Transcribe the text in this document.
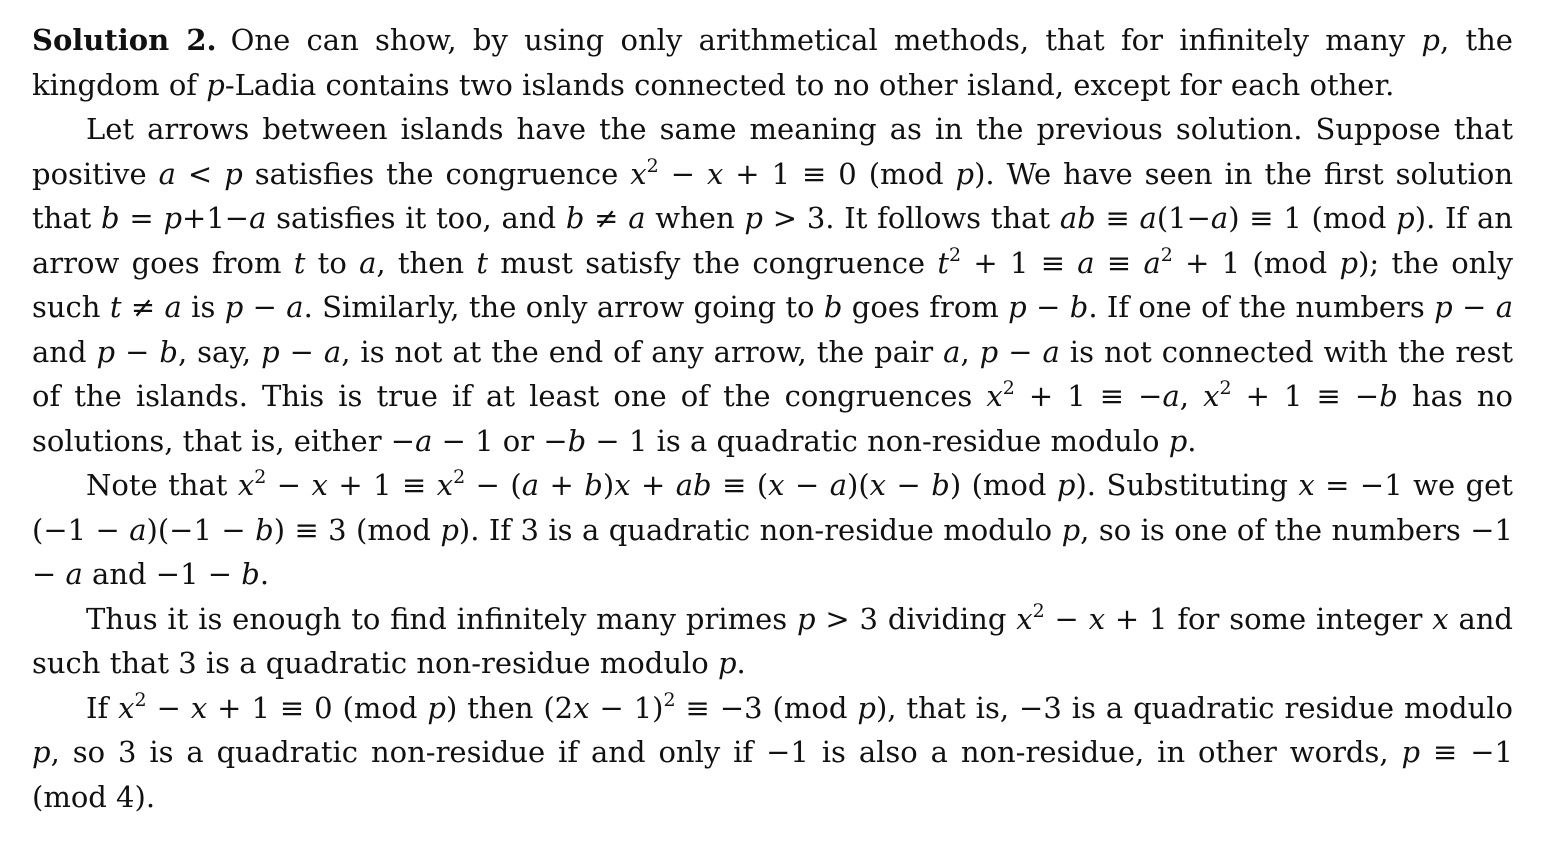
Solution 2. One can show, by using only arithmetical methods, that for infinitely many p, the kingdom of p-Ladia contains two islands connected to no other island, except for each other.

Let arrows between islands have the same meaning as in the previous solution. Suppose that positive a < p satisfies the congruence $x^2 - x + 1 \equiv 0$ (mod p). We have seen in the first solution that b = p+1−a satisfies it too, and b ≠ a when p > 3. It follows that ab ≡ a(1−a) ≡ 1 (mod p). If an arrow goes from t to a, then t must satisfy the congruence $t^2 + 1 \equiv a \equiv a^2 + 1$ (mod p); the only such t ≠ a is p − a. Similarly, the only arrow going to b goes from p − b. If one of the numbers p − a and p − b, say, p − a, is not at the end of any arrow, the pair a, p − a is not connected with the rest of the islands. This is true if at least one of the congruences $x^2 + 1 \equiv -a$, $x^2 + 1 \equiv -b$ has no solutions, that is, either −a − 1 or −b − 1 is a quadratic non-residue modulo p.

Note that $x^2 - x + 1 \equiv x^2 - (a + b)x$ + ab ≡ (x − a)(x − b) (mod p). Substituting x = −1 we get (−1 − a)(−1 − b) ≡ 3 (mod p). If 3 is a quadratic non-residue modulo p, so is one of the numbers −1 − a and −1 − b.

Thus it is enough to find infinitely many primes p > 3 dividing $x^2 - x + 1$ for some integer x and such that 3 is a quadratic non-residue modulo p.

If $x^2 - x + 1 \equiv 0$ (mod p) then $(2x - 1)^2 \equiv -3$ (mod p), that is, −3 is a quadratic residue modulo p, so 3 is a quadratic non-residue if and only if −1 is also a non-residue, in other words, p ≡ −1 (mod 4).
